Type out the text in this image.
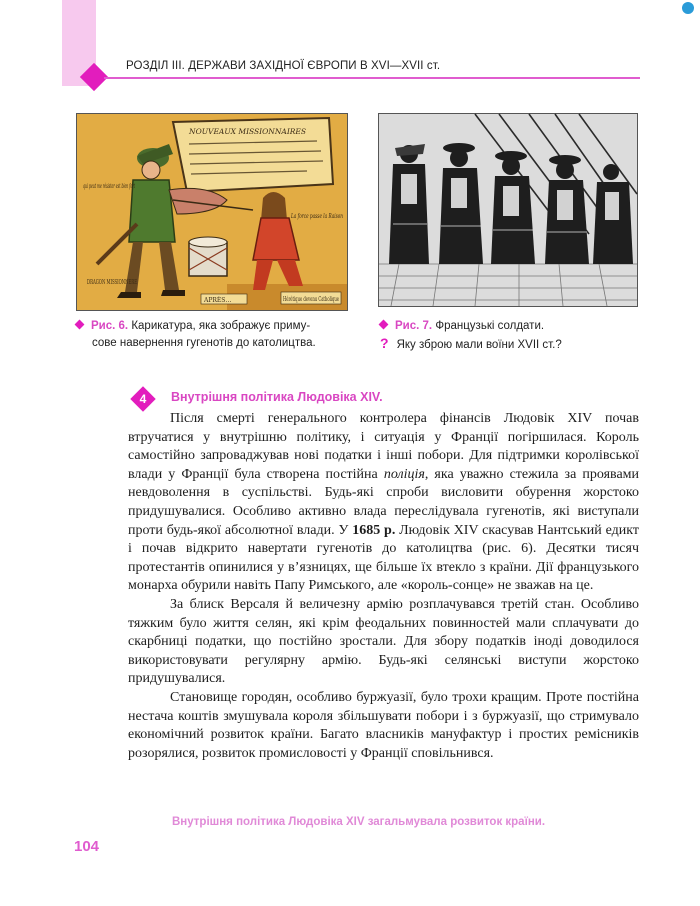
РОЗДІЛ ІІІ. ДЕРЖАВИ ЗАХІДНОЇ ЄВРОПИ В XVI—XVII ст.
NOUVEAUX MISSIONNAIRES
qui peut me résister est bien fort
La force passe la Raison
DRAGON MISSIONNERE
APRÈS…	Hérétique devenu Catholique
Рис. 6. Карикатура, яка зображує приму-
сове навернення гугенотів до католицтва.
Рис. 7. Французькі солдати.
? Яку зброю мали воїни XVII ст.?
4	Внутрішня політика Людовіка XIV.

Після смерті генерального контролера фінансів Людовік XIV почав втручатися у внутрішню політику, і ситуація у Франції погіршилася. Король самостійно запроваджував нові податки і інші побори. Для підтримки королівської влади у Франції була створена постійна поліція, яка уважно стежила за проявами невдоволення в суспільстві. Будь-які спроби висловити обурення жорстоко придушувалися. Особливо активно влада переслідувала гугенотів, які виступали проти будь-якої абсолютної влади. У 1685 р. Людовік XIV скасував Нантський едикт і почав відкрито навертати гугенотів до католицтва (рис. 6). Десятки тисяч протестантів опинилися у в’язницях, ще більше їх втекло з країни. Дії французького монарха обурили навіть Папу Римського, але «король-сонце» не зважав на це.

За блиск Версаля й величезну армію розплачувався третій стан. Особливо тяжким було життя селян, які крім феодальних повинностей мали сплачувати до скарбниці податки, що постійно зростали. Для збору податків іноді доводилося використовувати регулярну армію. Будь-які селянські виступи жорстоко придушувалися.

Становище городян, особливо буржуазії, було трохи кращим. Проте постійна нестача коштів змушувала короля збільшувати побори і з буржуазії, що стримувало економічний розвиток країни. Багато власників мануфактур і простих ремісників розорялися, розвиток промисловості у Франції сповільнився.

Внутрішня політика Людовіка XIV загальмувала розвиток країни.
104
